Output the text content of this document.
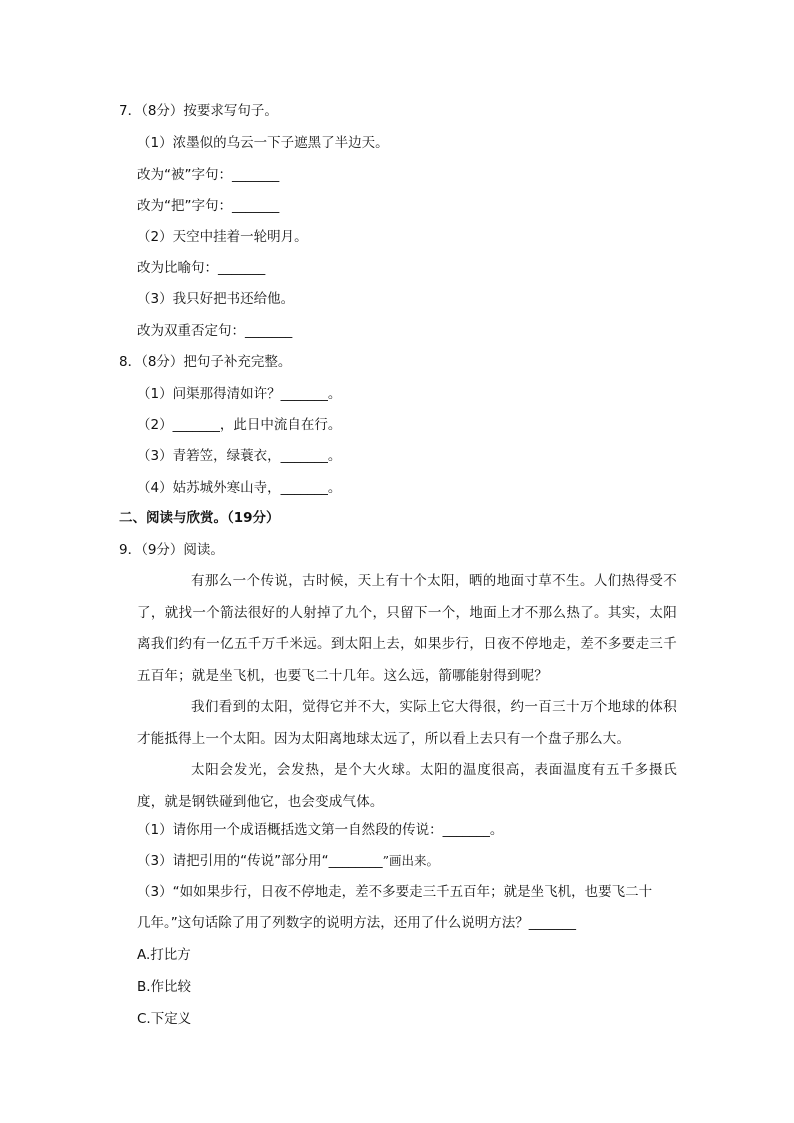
7．（8分）按要求写句子。
（1）浓墨似的乌云一下子遮黑了半边天。
改为“被”字句：_______
改为“把”字句：_______
（2）天空中挂着一轮明月。
改为比喻句：_______
（3）我只好把书还给他。
改为双重否定句：_______
8．（8分）把句子补充完整。
（1）问渠那得清如许？_______。
（2）_______，此日中流自在行。
（3）青箬笠，绿蓑衣，_______。
（4）姑苏城外寒山寺，_______。
二、阅读与欣赏。（19分）
9．（9分）阅读。

有那么一个传说，古时候，天上有十个太阳，晒的地面寸草不生。人们热得受不了，就找一个箭法很好的人射掉了九个，只留下一个，地面上才不那么热了。其实，太阳离我们约有一亿五千万千米远。到太阳上去，如果步行，日夜不停地走，差不多要走三千五百年；就是坐飞机，也要飞二十几年。这么远，箭哪能射得到呢？

我们看到的太阳，觉得它并不大，实际上它大得很，约一百三十万个地球的体积才能抵得上一个太阳。因为太阳离地球太远了，所以看上去只有一个盘子那么大。

太阳会发光，会发热，是个大火球。太阳的温度很高，表面温度有五千多摄氏度，就是钢铁碰到他它，也会变成气体。

（1）请你用一个成语概括选文第一自然段的传说：_______。
（3）请把引用的“传说”部分用“________”画出来。
（3）“如如果步行，日夜不停地走，差不多要走三千五百年；就是坐飞机，也要飞二十
几年。”这句话除了用了列数字的说明方法，还用了什么说明方法？_______
A.打比方
B.作比较
C.下定义
